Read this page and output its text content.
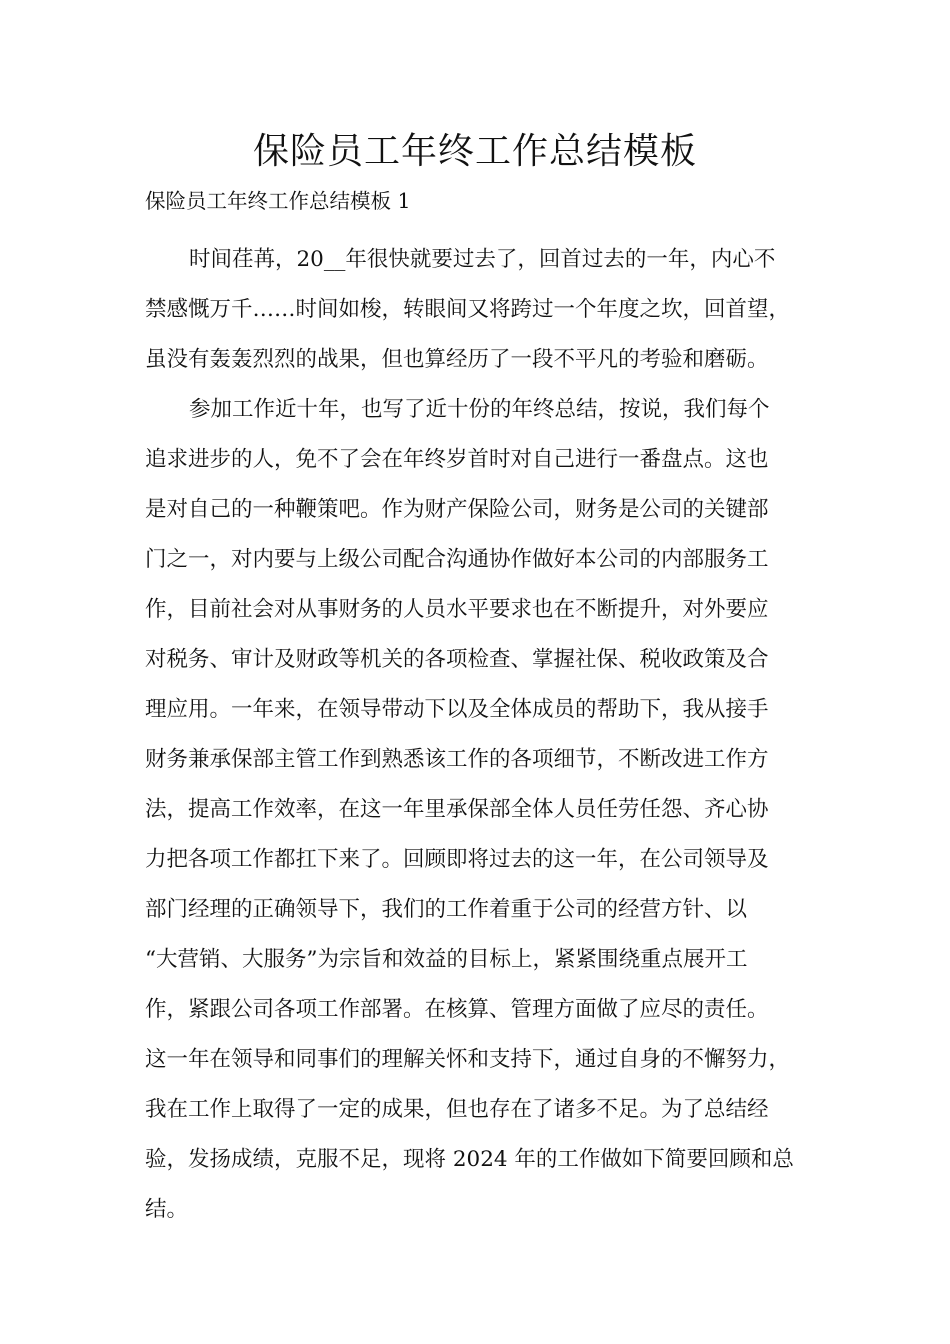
保险员工年终工作总结模板
保险员工年终工作总结模板 1
时间荏苒，20__年很快就要过去了，回首过去的一年，内心不
禁感慨万千……时间如梭，转眼间又将跨过一个年度之坎，回首望，
虽没有轰轰烈烈的战果，但也算经历了一段不平凡的考验和磨砺。
参加工作近十年，也写了近十份的年终总结，按说，我们每个
追求进步的人，免不了会在年终岁首时对自己进行一番盘点。这也
是对自己的一种鞭策吧。作为财产保险公司，财务是公司的关键部
门之一，对内要与上级公司配合沟通协作做好本公司的内部服务工
作，目前社会对从事财务的人员水平要求也在不断提升，对外要应
对税务、审计及财政等机关的各项检查、掌握社保、税收政策及合
理应用。一年来，在领导带动下以及全体成员的帮助下，我从接手
财务兼承保部主管工作到熟悉该工作的各项细节，不断改进工作方
法，提高工作效率，在这一年里承保部全体人员任劳任怨、齐心协
力把各项工作都扛下来了。回顾即将过去的这一年，在公司领导及
部门经理的正确领导下，我们的工作着重于公司的经营方针、以
“大营销、大服务”为宗旨和效益的目标上，紧紧围绕重点展开工
作，紧跟公司各项工作部署。在核算、管理方面做了应尽的责任。
这一年在领导和同事们的理解关怀和支持下，通过自身的不懈努力，
我在工作上取得了一定的成果，但也存在了诸多不足。为了总结经
验，发扬成绩，克服不足，现将 2024 年的工作做如下简要回顾和总
结。
